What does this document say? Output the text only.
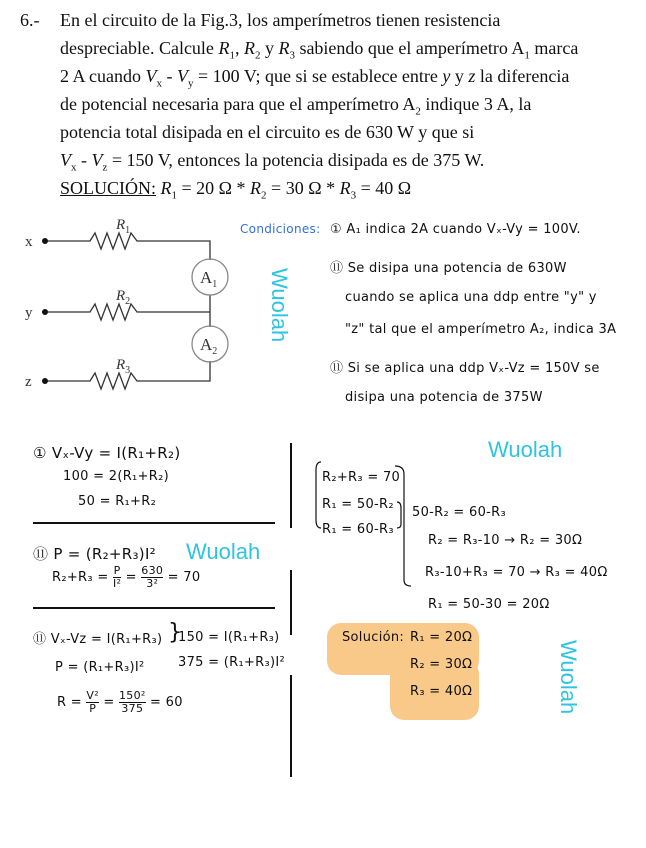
6.- En el circuito de la Fig.3, los amperímetros tienen resistencia
despreciable. Calcule $R_1$, $R_2$ y $R_3$ sabiendo que el amperímetro $A_1$ marca
2 A cuando $V_x - V_y = 100$ V; que si se establece entre y y z la diferencia
de potencial necesaria para que el amperímetro $A_2$ indique 3 A, la
potencia total disipada en el circuito es de 630 W y que si
$V_x - V_z = 150$ V, entonces la potencia disipada es de 375 W.
SOLUCIÓN: $R_1 = 20$ $\Omega * R_2 = 30$ $\Omega * R_3 = 40$ Ω
x
y
z
$R_1$
$R_2$
$R_3$
$A_1$
$A_2$
Wuolah
Condiciones: ① A₁ indica 2A cuando Vₓ-Vy = 100V.
⑪ Se disipa una potencia de 630W
cuando se aplica una ddp entre "y" y
"z" tal que el amperímetro A₂, indica 3A
⑪ Si se aplica una ddp Vₓ-Vz = 150V se
disipa una potencia de 375W
① Vₓ-Vy = I(R₁+R₂)
100 = 2(R₁+R₂)
50 = R₁+R₂
⑪ P = (R₂+R₃)I² Wuolah
$R_2+R_3 = \frac{P}{\text{I²}} = \frac{630}{\text{3²}} = 70$
⑪ Vₓ-Vz = I(R₁+R₃)
P = (R₁+R₃)I²
}
150 = I(R₁+R₃)
375 = (R₁+R₃)I²
$R = \frac{\text{V²}}{P} = \frac{\text{150²}}{375} = 60$
Wuolah
R₂+R₃ = 70
R₁ = 50-R₂
R₁ = 60-R₃
50-R₂ = 60-R₃
R₂ = R₃-10 → R₂ = 30Ω
R₃-10+R₃ = 70 → R₃ = 40Ω
R₁ = 50-30 = 20Ω
Solución: R₁ = 20Ω
R₂ = 30Ω
R₃ = 40Ω	Wuolah
